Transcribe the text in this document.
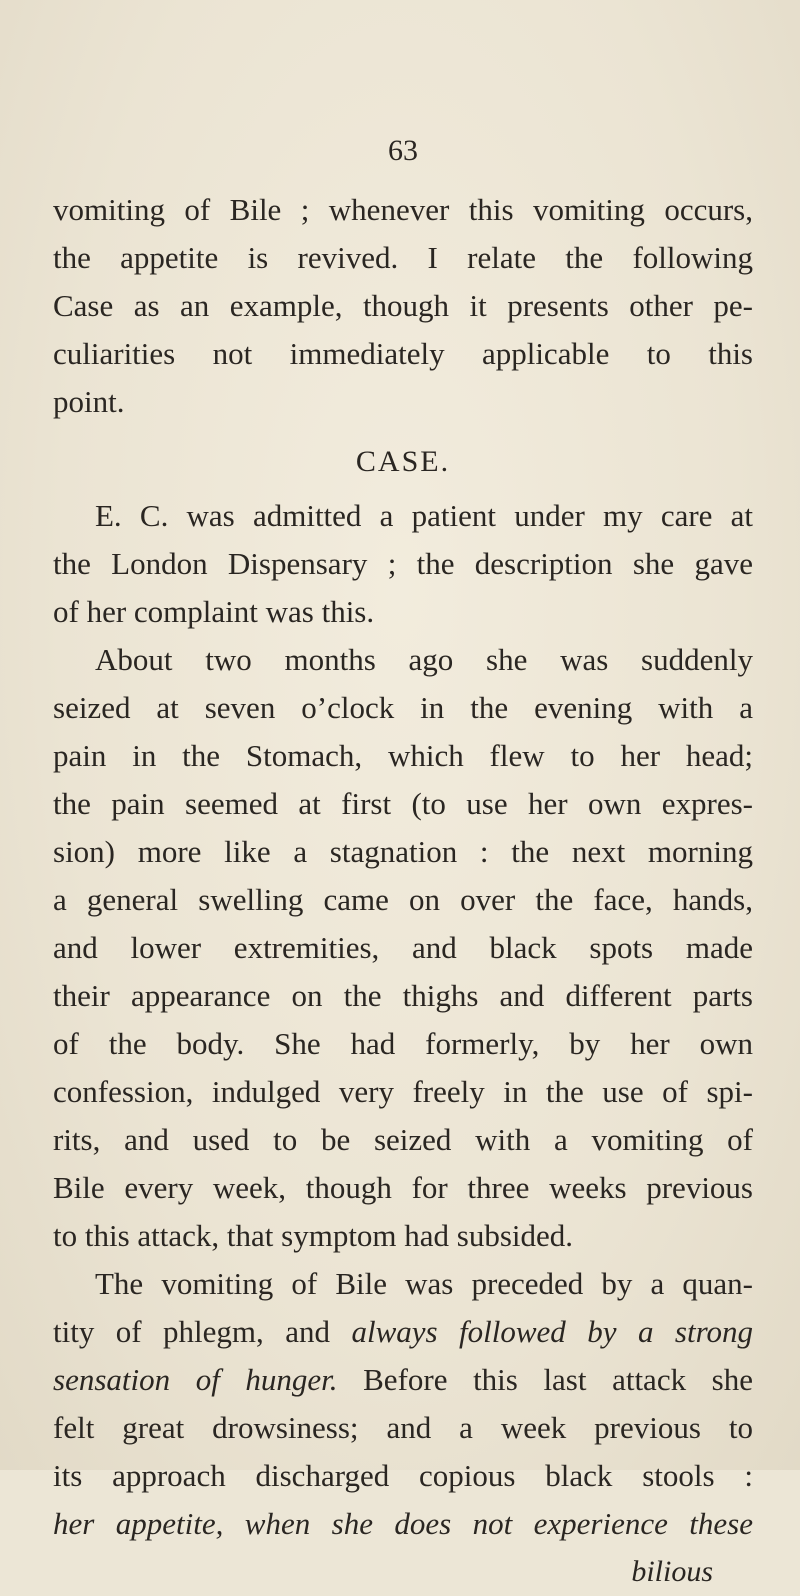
63
vomiting of Bile ; whenever this vomiting occurs,
the appetite is revived. I relate the following
Case as an example, though it presents other pe-
culiarities not immediately applicable to this
point.
CASE.
E. C. was admitted a patient under my care at
the London Dispensary ; the description she gave
of her complaint was this.
About two months ago she was suddenly
seized at seven o’clock in the evening with a
pain in the Stomach, which flew to her head;
the pain seemed at first (to use her own expres-
sion) more like a stagnation : the next morning
a general swelling came on over the face, hands,
and lower extremities, and black spots made
their appearance on the thighs and different parts
of the body. She had formerly, by her own
confession, indulged very freely in the use of spi-
rits, and used to be seized with a vomiting of
Bile every week, though for three weeks previous
to this attack, that symptom had subsided.
The vomiting of Bile was preceded by a quan-
tity of phlegm, and always followed by a strong
sensation of hunger. Before this last attack she
felt great drowsiness; and a week previous to
its approach discharged copious black stools :
her appetite, when she does not experience these
bilious
